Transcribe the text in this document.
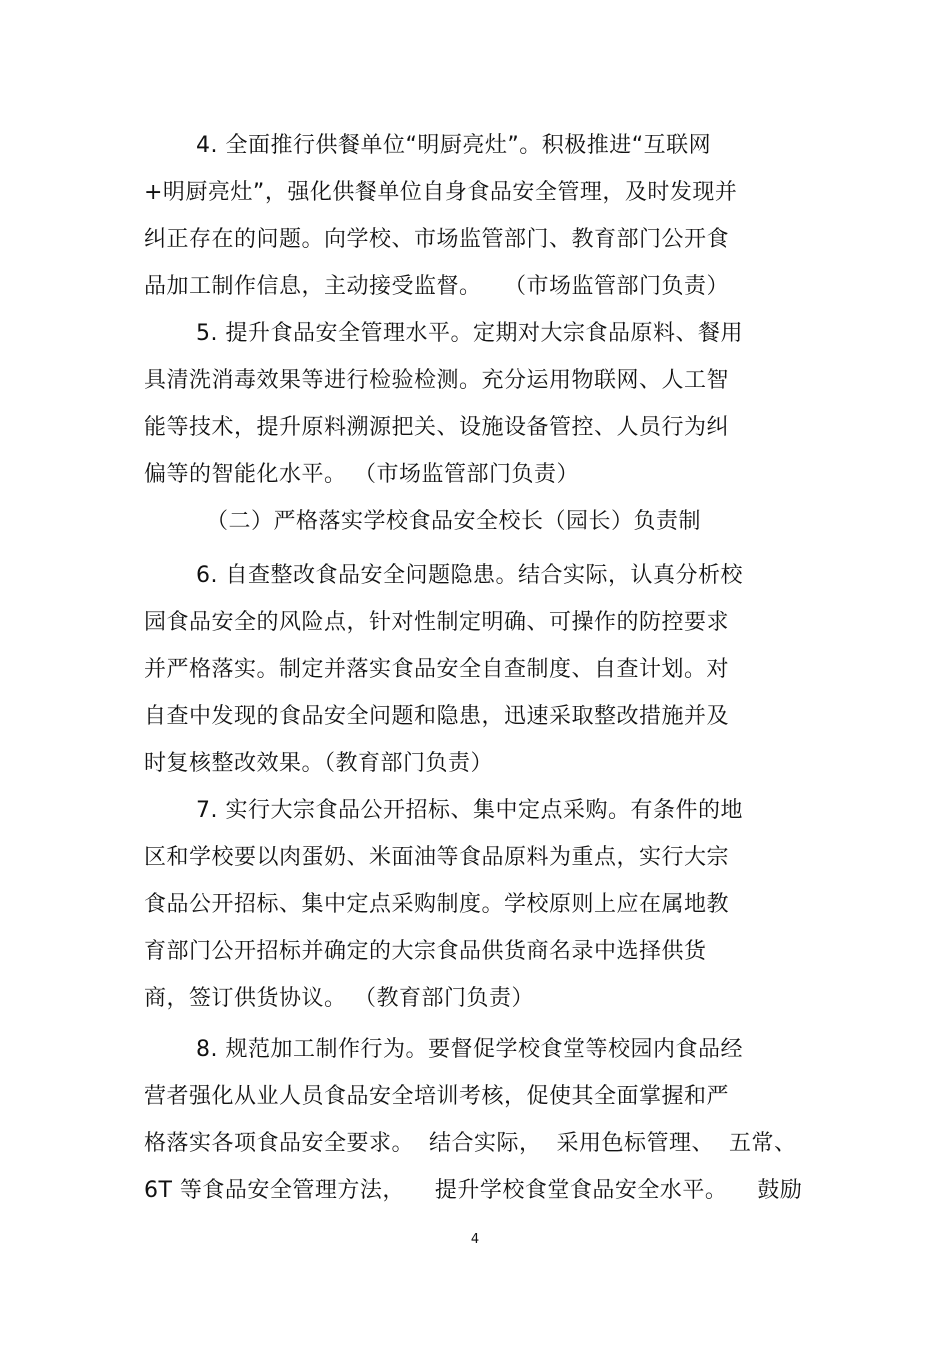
4. 全面推行供餐单位“明厨亮灶”。积极推进“互联网
+明厨亮灶”，强化供餐单位自身食品安全管理，及时发现并
纠正存在的问题。向学校、市场监管部门、教育部门公开食
品加工制作信息，主动接受监督。   （市场监管部门负责）
5. 提升食品安全管理水平。定期对大宗食品原料、餐用
具清洗消毒效果等进行检验检测。充分运用物联网、人工智
能等技术，提升原料溯源把关、设施设备管控、人员行为纠
偏等的智能化水平。 （市场监管部门负责）
（二）严格落实学校食品安全校长（园长）负责制
6. 自查整改食品安全问题隐患。结合实际，认真分析校
园食品安全的风险点，针对性制定明确、可操作的防控要求
并严格落实。制定并落实食品安全自查制度、自查计划。对
自查中发现的食品安全问题和隐患，迅速采取整改措施并及
时复核整改效果。（教育部门负责）
7. 实行大宗食品公开招标、集中定点采购。有条件的地
区和学校要以肉蛋奶、米面油等食品原料为重点，实行大宗
食品公开招标、集中定点采购制度。学校原则上应在属地教
育部门公开招标并确定的大宗食品供货商名录中选择供货
商，签订供货协议。 （教育部门负责）
8. 规范加工制作行为。要督促学校食堂等校园内食品经
营者强化从业人员食品安全培训考核，促使其全面掌握和严
格落实各项食品安全要求。  结合实际，  采用色标管理、  五常、
6T 等食品安全管理方法，    提升学校食堂食品安全水平。    鼓励
4
